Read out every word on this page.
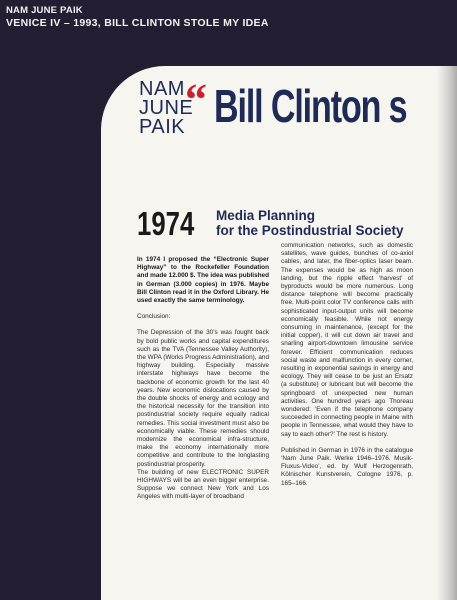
NAM JUNE PAIK
VENICE IV – 1993, BILL CLINTON STOLE MY IDEA
NAM
JUNE
PAIK
“ Bill Clinton s
1974 Media Planning
for the Postindustrial Society

In 1974 I proposed the “Electronic Super Highway” to the Rockefeller Foundation and made 12.000 $. The idea was published in German (3.000 copies) in 1976. Maybe Bill Clinton read it in the Oxford Library. He used exactly the same terminology.

Conclusion:

The Depression of the 30’s was fought back by bold public works and capital expenditures such as the TVA (Tennessee Valley Authority), the WPA (Works Progress Administration), and highway building. Especially massive interstate highways have become the backbone of economic growth for the last 40 years. New economic dislocations caused by the double shocks of energy and ecology and the historical necessity for the transition into postindustrial society require equally radical remedies. This social investment must also be economically viable. These remedies should modernize the economical infra-structure, make the economy internationally more competitive and contribute to the longlasting postindustrial prosperity.

The building of new ELECTRONIC SUPER HIGHWAYS will be an even bigger enterprise. Suppose we connect New York and Los Angeles with multi-layer of broadband

communication networks, such as domestic satellites, wave guides, bunches of co-axiol cables, and later, the fiber-optics laser beam. The expenses would be as high as moon landing, but the ripple effect ‘harvest’ of byproducts would be more numerous. Long distance telephone will become practically free. Multi-point color TV conference calls with sophisticated input-output units will become economically feasible. While not energy consuming in maintenance, (except for the initial copper), it will cut down air travel and snarling airport-downtown limousine service forever. Efficient communication reduces social waste and malfunction in every corner, resulting in exponential savings in energy and ecology. They will cease to be just an Ersatz (a substitute) or lubricant but will become the springboard of unexpected new human activities. One hundred years ago Thoreau wondered: ‘Even if the telephone company succeeded in connecting people in Maine with people in Tennessee, what would they have to say to each other?’ The rest is history.

Published in German in 1976 in the catalogue ‘Nam June Paik. Werke 1946–1976. Musik-Fluxus-Video’, ed. by Wulf Herzogenrath, Kölnischer Kunstverein, Cologne 1976, p. 165–166.
